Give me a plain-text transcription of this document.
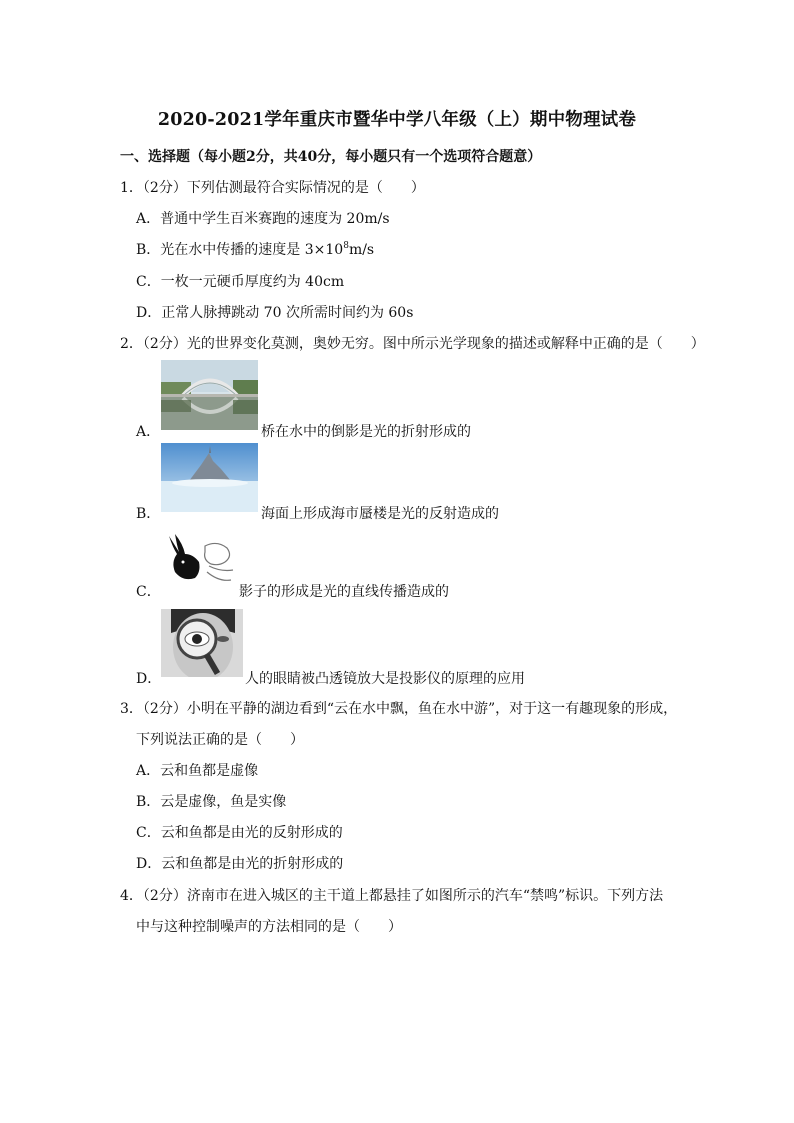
2020-2021学年重庆市暨华中学八年级（上）期中物理试卷
一、选择题（每小题2分，共40分，每小题只有一个选项符合题意）
1．（2分）下列估测最符合实际情况的是（　　）
A．普通中学生百米赛跑的速度为 20m/s
B．光在水中传播的速度是 $3\times 10^8m/s$
C．一枚一元硬币厚度约为 40cm
D．正常人脉搏跳动 70 次所需时间约为 60s
2．（2分）光的世界变化莫测，奥妙无穷。图中所示光学现象的描述或解释中正确的是（　　）
A．	桥在水中的倒影是光的折射形成的
B．	海面上形成海市蜃楼是光的反射造成的
C．	影子的形成是光的直线传播造成的
D．	人的眼睛被凸透镜放大是投影仪的原理的应用
3．（2分）小明在平静的湖边看到“云在水中飘，鱼在水中游”，对于这一有趣现象的形成，
下列说法正确的是（　　）
A．云和鱼都是虚像
B．云是虚像，鱼是实像
C．云和鱼都是由光的反射形成的
D．云和鱼都是由光的折射形成的
4．（2分）济南市在进入城区的主干道上都悬挂了如图所示的汽车“禁鸣”标识。下列方法
中与这种控制噪声的方法相同的是（　　）
